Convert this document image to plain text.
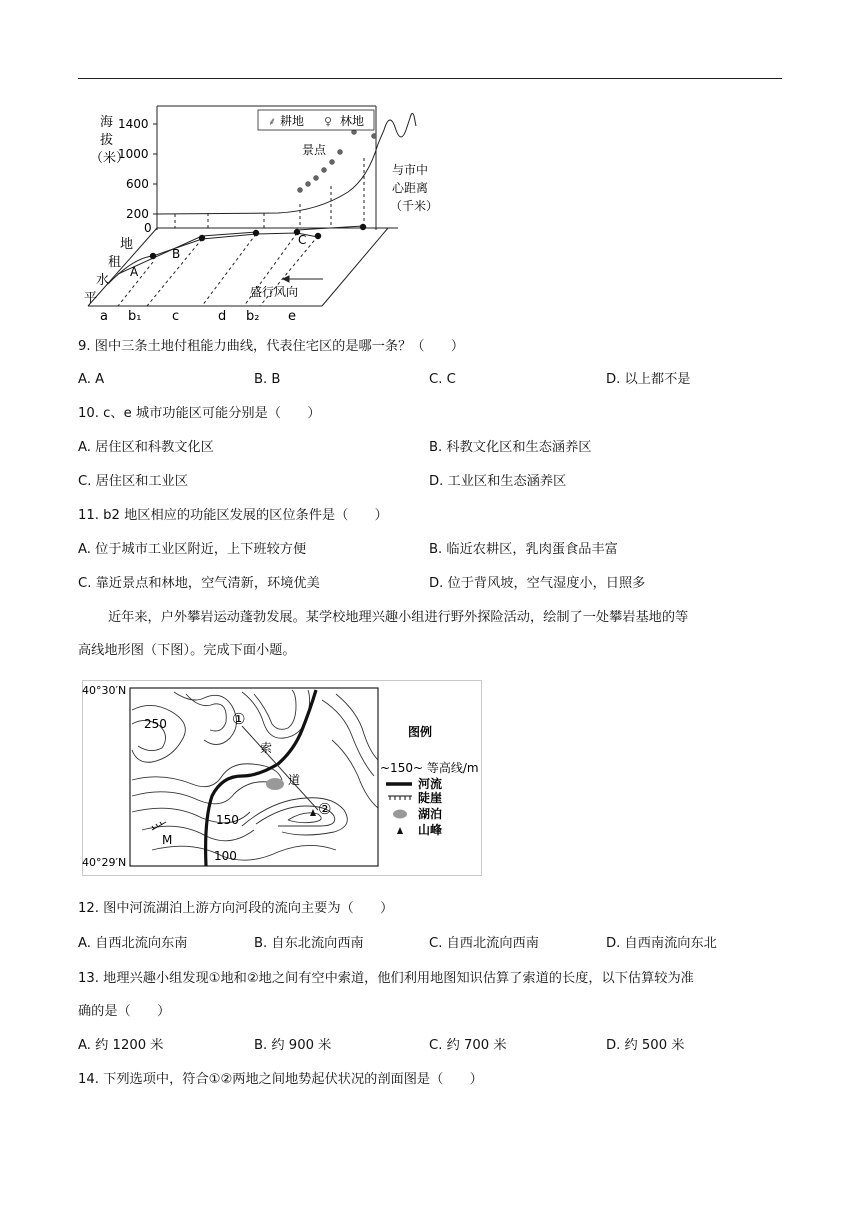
⸙ 耕地 ♀ 林地
海
拔
（米）
1400
1000
600
200
0
景点
与市中
心距离
（千米）
地
租
水
平
A
B
C
盛行风向
a b₁ c	d b₂ e
9. 图中三条土地付租能力曲线，代表住宅区的是哪一条？（　　）
A. A	B. B	C. C	D. 以上都不是
10. c、e 城市功能区可能分别是（　　）
A. 居住区和科教文化区	B. 科教文化区和生态涵养区
C. 居住区和工业区	D. 工业区和生态涵养区
11. b2 地区相应的功能区发展的区位条件是（　　）
A. 位于城市工业区附近，上下班较方便	B. 临近农耕区，乳肉蛋食品丰富
C. 靠近景点和林地，空气清新，环境优美	D. 位于背风坡，空气湿度小，日照多
近年来，户外攀岩运动蓬勃发展。某学校地理兴趣小组进行野外探险活动，绘制了一处攀岩基地的等
高线地形图（下图）。完成下面小题。
40°30′N
40°29′N
250
150
100
①
②
索
道
M
图例
~150~ 等高线/m
河流
陡崖
湖泊
山峰
12. 图中河流湖泊上游方向河段的流向主要为（　　）
A. 自西北流向东南	B. 自东北流向西南	C. 自西北流向西南	D. 自西南流向东北
13. 地理兴趣小组发现①地和②地之间有空中索道，他们利用地图知识估算了索道的长度，以下估算较为准
确的是（　　）
A. 约 1200 米	B. 约 900 米	C. 约 700 米	D. 约 500 米
14. 下列选项中，符合①②两地之间地势起伏状况的剖面图是（　　）
